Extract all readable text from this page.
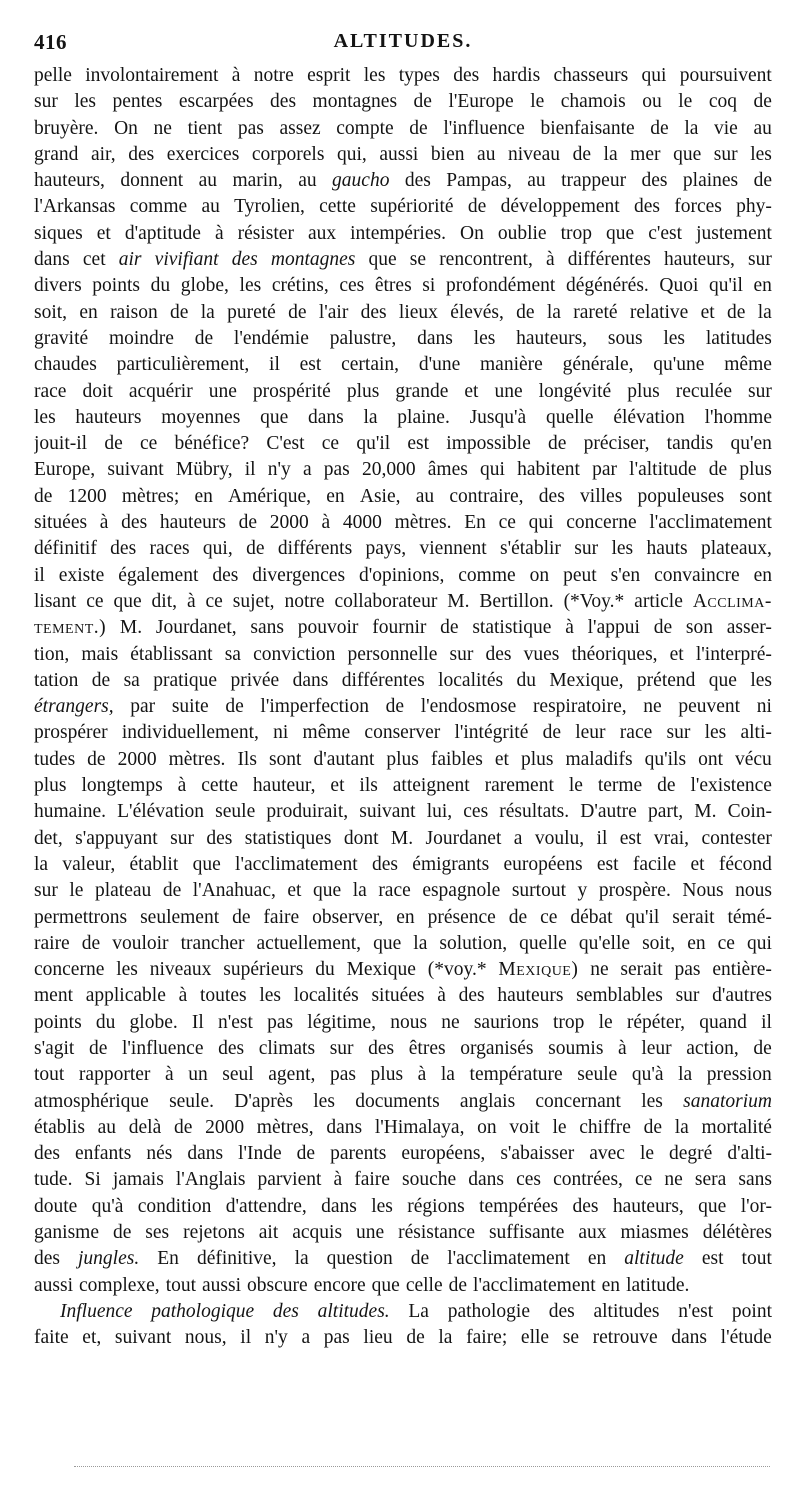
416	ALTITUDES.
pelle involontairement à notre esprit les types des hardis chasseurs qui poursuivent
sur les pentes escarpées des montagnes de l'Europe le chamois ou le coq de
bruyère. On ne tient pas assez compte de l'influence bienfaisante de la vie au
grand air, des exercices corporels qui, aussi bien au niveau de la mer que sur les
hauteurs, donnent au marin, au gaucho des Pampas, au trappeur des plaines de
l'Arkansas comme au Tyrolien, cette supériorité de développement des forces phy-
siques et d'aptitude à résister aux intempéries. On oublie trop que c'est justement
dans cet air vivifiant des montagnes que se rencontrent, à différentes hauteurs, sur
divers points du globe, les crétins, ces êtres si profondément dégénérés. Quoi qu'il en
soit, en raison de la pureté de l'air des lieux élevés, de la rareté relative et de la
gravité moindre de l'endémie palustre, dans les hauteurs, sous les latitudes
chaudes particulièrement, il est certain, d'une manière générale, qu'une même
race doit acquérir une prospérité plus grande et une longévité plus reculée sur
les hauteurs moyennes que dans la plaine. Jusqu'à quelle élévation l'homme
jouit-il de ce bénéfice? C'est ce qu'il est impossible de préciser, tandis qu'en
Europe, suivant Mübry, il n'y a pas 20,000 âmes qui habitent par l'altitude de plus
de 1200 mètres; en Amérique, en Asie, au contraire, des villes populeuses sont
situées à des hauteurs de 2000 à 4000 mètres. En ce qui concerne l'acclimatement
définitif des races qui, de différents pays, viennent s'établir sur les hauts plateaux,
il existe également des divergences d'opinions, comme on peut s'en convaincre en
lisant ce que dit, à ce sujet, notre collaborateur M. Bertillon. (*Voy.* article Acclima-
tement.) M. Jourdanet, sans pouvoir fournir de statistique à l'appui de son asser-
tion, mais établissant sa conviction personnelle sur des vues théoriques, et l'interpré-
tation de sa pratique privée dans différentes localités du Mexique, prétend que les
étrangers, par suite de l'imperfection de l'endosmose respiratoire, ne peuvent ni
prospérer individuellement, ni même conserver l'intégrité de leur race sur les alti-
tudes de 2000 mètres. Ils sont d'autant plus faibles et plus maladifs qu'ils ont vécu
plus longtemps à cette hauteur, et ils atteignent rarement le terme de l'existence
humaine. L'élévation seule produirait, suivant lui, ces résultats. D'autre part, M. Coin-
det, s'appuyant sur des statistiques dont M. Jourdanet a voulu, il est vrai, contester
la valeur, établit que l'acclimatement des émigrants européens est facile et fécond
sur le plateau de l'Anahuac, et que la race espagnole surtout y prospère. Nous nous
permettrons seulement de faire observer, en présence de ce débat qu'il serait témé-
raire de vouloir trancher actuellement, que la solution, quelle qu'elle soit, en ce qui
concerne les niveaux supérieurs du Mexique (*voy.* Mexique) ne serait pas entière-
ment applicable à toutes les localités situées à des hauteurs semblables sur d'autres
points du globe. Il n'est pas légitime, nous ne saurions trop le répéter, quand il
s'agit de l'influence des climats sur des êtres organisés soumis à leur action, de
tout rapporter à un seul agent, pas plus à la température seule qu'à la pression
atmosphérique seule. D'après les documents anglais concernant les sanatorium
établis au delà de 2000 mètres, dans l'Himalaya, on voit le chiffre de la mortalité
des enfants nés dans l'Inde de parents européens, s'abaisser avec le degré d'alti-
tude. Si jamais l'Anglais parvient à faire souche dans ces contrées, ce ne sera sans
doute qu'à condition d'attendre, dans les régions tempérées des hauteurs, que l'or-
ganisme de ses rejetons ait acquis une résistance suffisante aux miasmes délétères
des jungles. En définitive, la question de l'acclimatement en altitude est tout
aussi complexe, tout aussi obscure encore que celle de l'acclimatement en latitude.
Influence pathologique des altitudes. La pathologie des altitudes n'est point
faite et, suivant nous, il n'y a pas lieu de la faire; elle se retrouve dans l'étude
